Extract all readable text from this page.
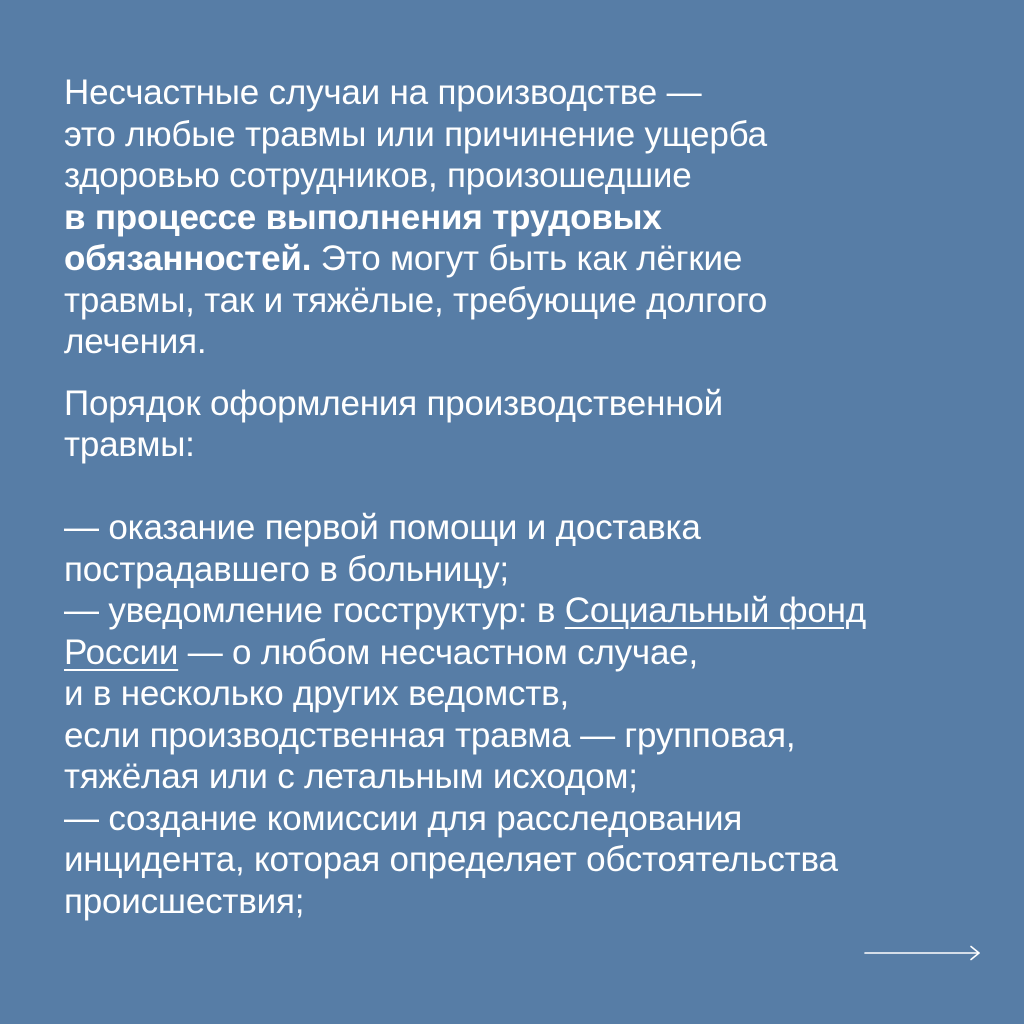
Несчастные случаи на производстве —
это любые травмы или причинение ущерба
здоровью сотрудников, произошедшие
в процессе выполнения трудовых
обязанностей. Это могут быть как лёгкие
травмы, так и тяжёлые, требующие долгого
лечения.
Порядок оформления производственной
травмы:
— оказание первой помощи и доставка
пострадавшего в больницу;
— уведомление госструктур: в Социальный фонд
России — о любом несчастном случае,
и в несколько других ведомств,
если производственная травма — групповая,
тяжёлая или с летальным исходом;
— создание комиссии для расследования
инцидента, которая определяет обстоятельства
происшествия;
